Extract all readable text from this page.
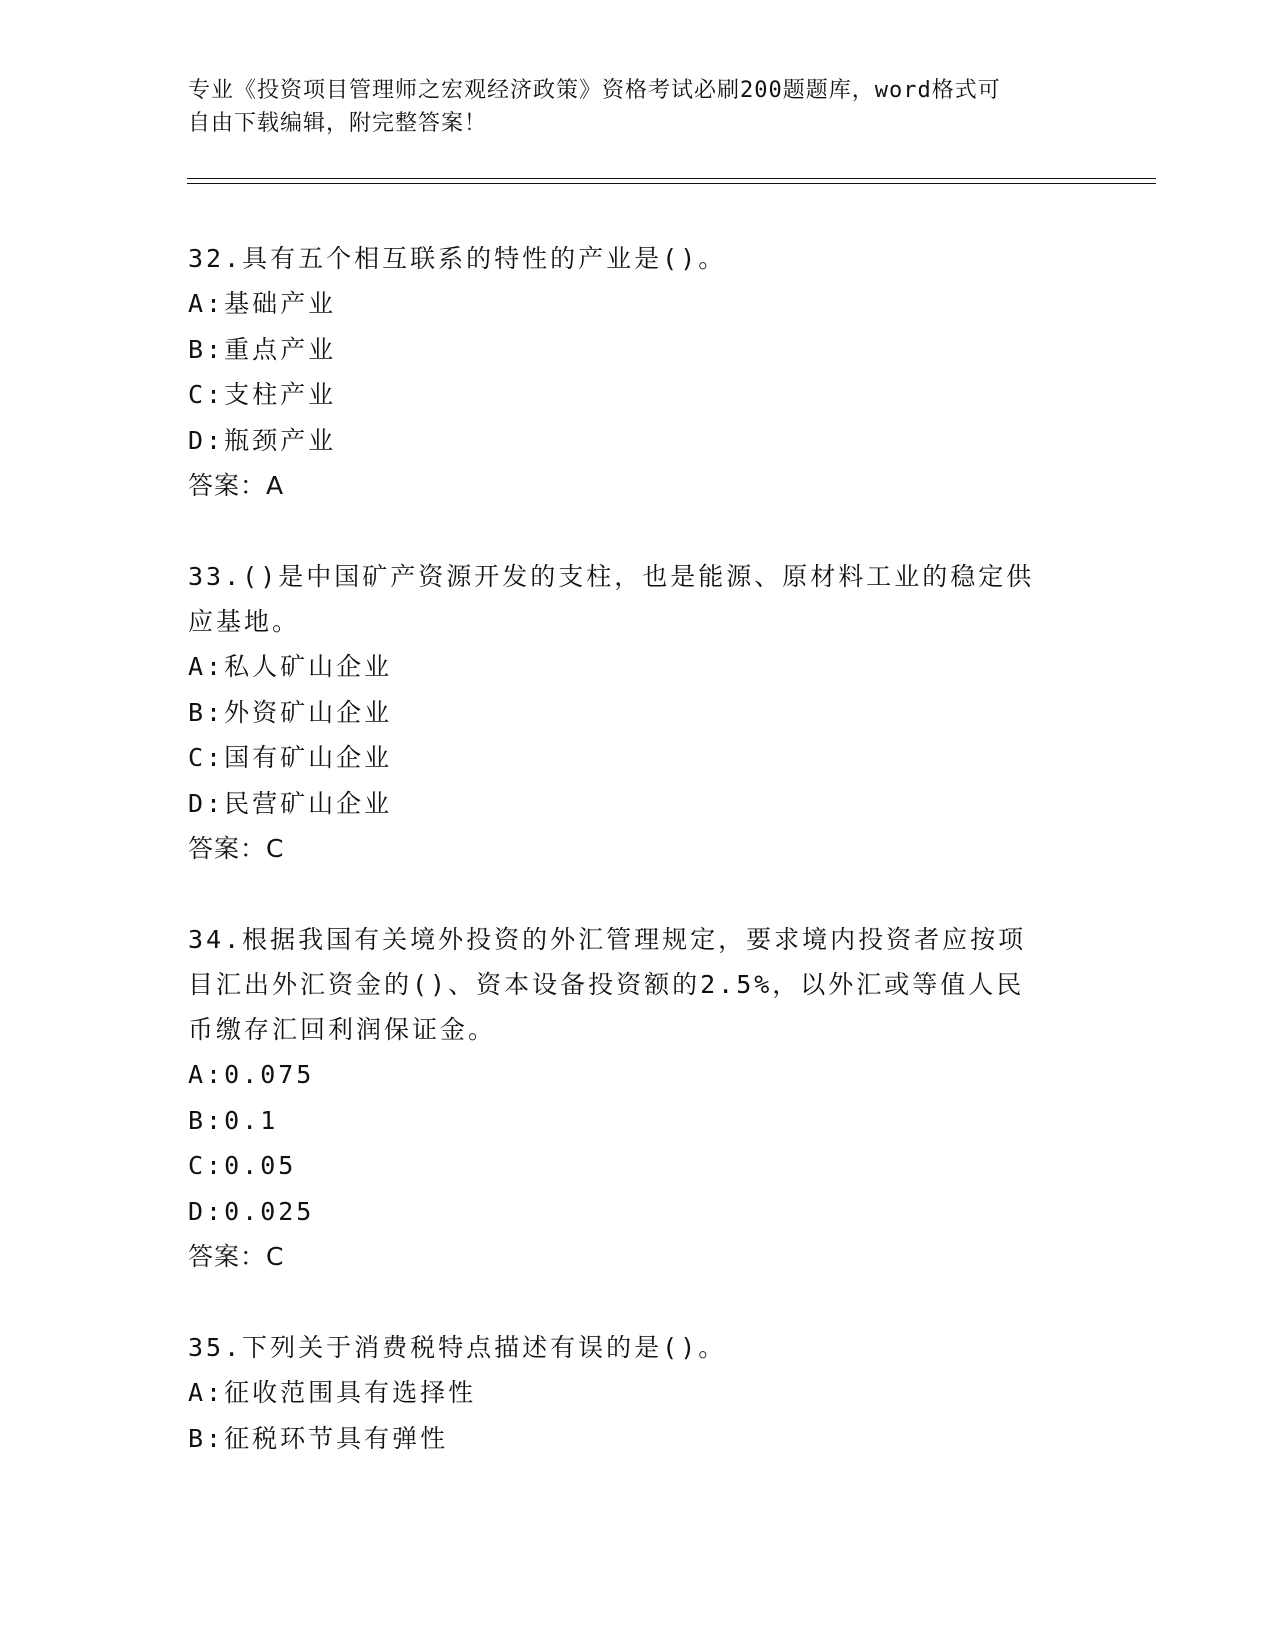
专业《投资项目管理师之宏观经济政策》资格考试必刷200题题库，word格式可
自由下载编辑，附完整答案！

32.具有五个相互联系的特性的产业是()。

A:基础产业

B:重点产业

C:支柱产业

D:瓶颈产业

答案：A

33.()是中国矿产资源开发的支柱，也是能源、原材料工业的稳定供应基地。

A:私人矿山企业

B:外资矿山企业

C:国有矿山企业

D:民营矿山企业

答案：C

34.根据我国有关境外投资的外汇管理规定，要求境内投资者应按项目汇出外汇资金的()、资本设备投资额的2.5%，以外汇或等值人民币缴存汇回利润保证金。

A:0.075

B:0.1

C:0.05

D:0.025

答案：C

35.下列关于消费税特点描述有误的是()。

A:征收范围具有选择性

B:征税环节具有弹性
